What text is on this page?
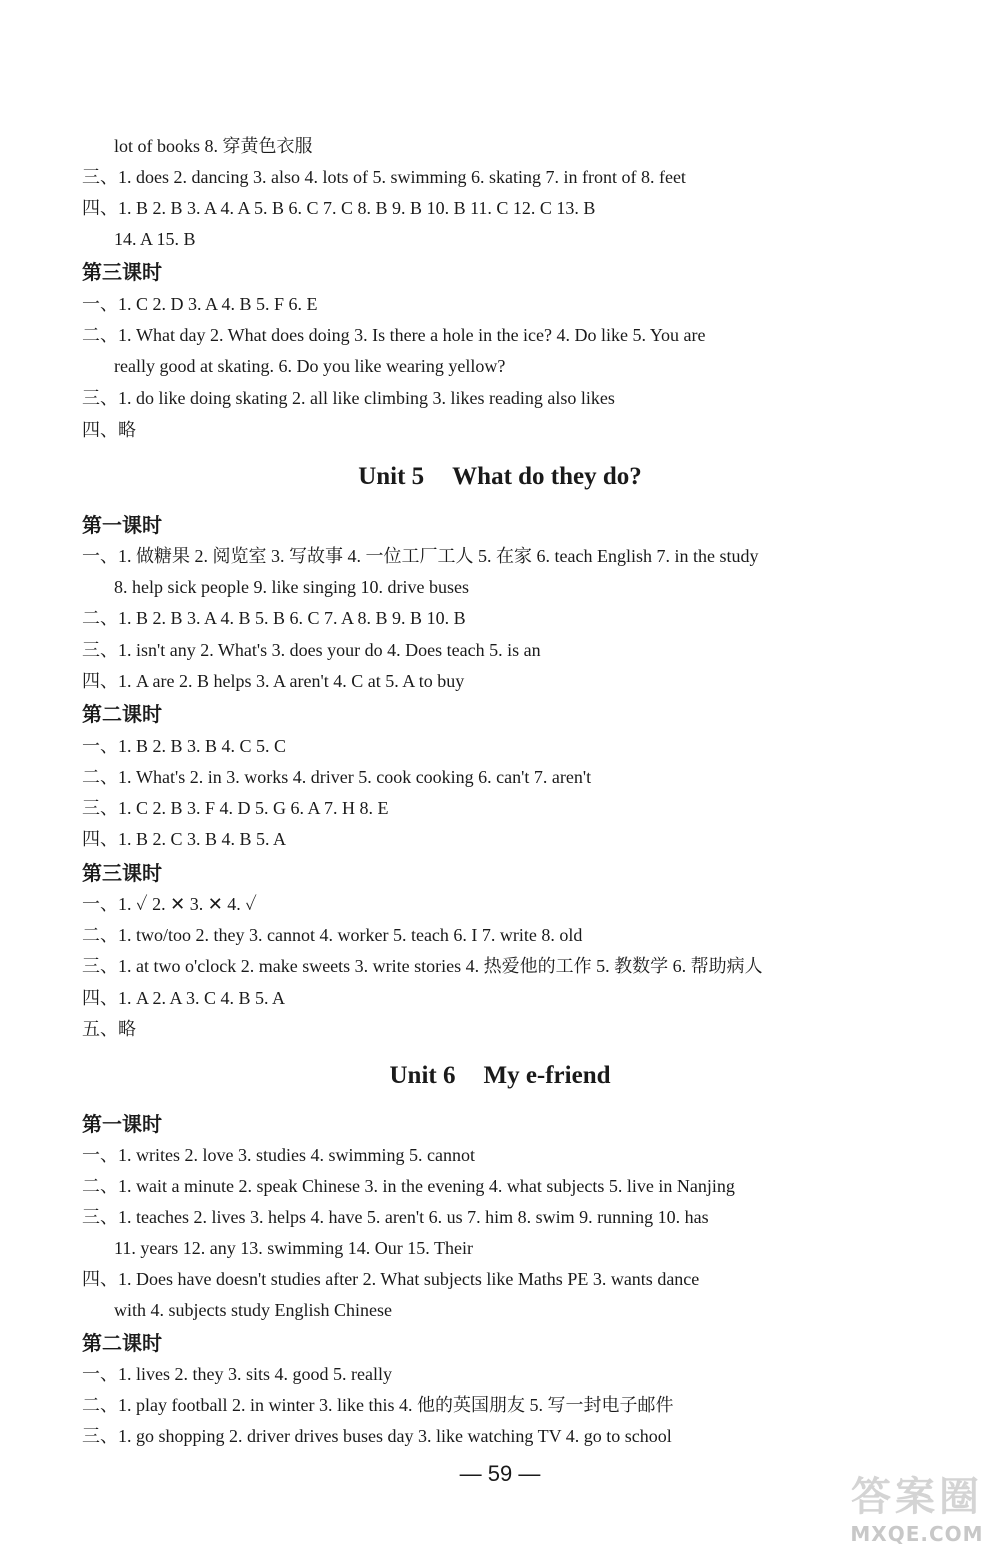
lot of books 8. 穿黄色衣服
三、1. does 2. dancing 3. also 4. lots of 5. swimming 6. skating 7. in front of 8. feet
四、1. B 2. B 3. A 4. A 5. B 6. C 7. C 8. B 9. B 10. B 11. C 12. C 13. B
14. A 15. B
第三课时
一、1. C 2. D 3. A 4. B 5. F 6. E
二、1. What day 2. What does doing 3. Is there a hole in the ice? 4. Do like 5. You are
really good at skating. 6. Do you like wearing yellow?
三、1. do like doing skating 2. all like climbing 3. likes reading also likes
四、略
Unit 5 What do they do?
第一课时
一、1. 做糖果 2. 阅览室 3. 写故事 4. 一位工厂工人 5. 在家 6. teach English 7. in the study
8. help sick people 9. like singing 10. drive buses
二、1. B 2. B 3. A 4. B 5. B 6. C 7. A 8. B 9. B 10. B
三、1. isn't any 2. What's 3. does your do 4. Does teach 5. is an
四、1. A are 2. B helps 3. A aren't 4. C at 5. A to buy
第二课时
一、1. B 2. B 3. B 4. C 5. C
二、1. What's 2. in 3. works 4. driver 5. cook cooking 6. can't 7. aren't
三、1. C 2. B 3. F 4. D 5. G 6. A 7. H 8. E
四、1. B 2. C 3. B 4. B 5. A
第三课时
一、1. ✓ 2. ✕ 3. ✕ 4. ✓
二、1. two/too 2. they 3. cannot 4. worker 5. teach 6. I 7. write 8. old
三、1. at two o'clock 2. make sweets 3. write stories 4. 热爱他的工作 5. 教数学 6. 帮助病人
四、1. A 2. A 3. C 4. B 5. A
五、略
Unit 6 My e-friend
第一课时
一、1. writes 2. love 3. studies 4. swimming 5. cannot
二、1. wait a minute 2. speak Chinese 3. in the evening 4. what subjects 5. live in Nanjing
三、1. teaches 2. lives 3. helps 4. have 5. aren't 6. us 7. him 8. swim 9. running 10. has
11. years 12. any 13. swimming 14. Our 15. Their
四、1. Does have doesn't studies after 2. What subjects like Maths PE 3. wants dance
with 4. subjects study English Chinese
第二课时
一、1. lives 2. they 3. sits 4. good 5. really
二、1. play football 2. in winter 3. like this 4. 他的英国朋友 5. 写一封电子邮件
三、1. go shopping 2. driver drives buses day 3. like watching TV 4. go to school
— 59 —
答案圈
MXQE.COM
